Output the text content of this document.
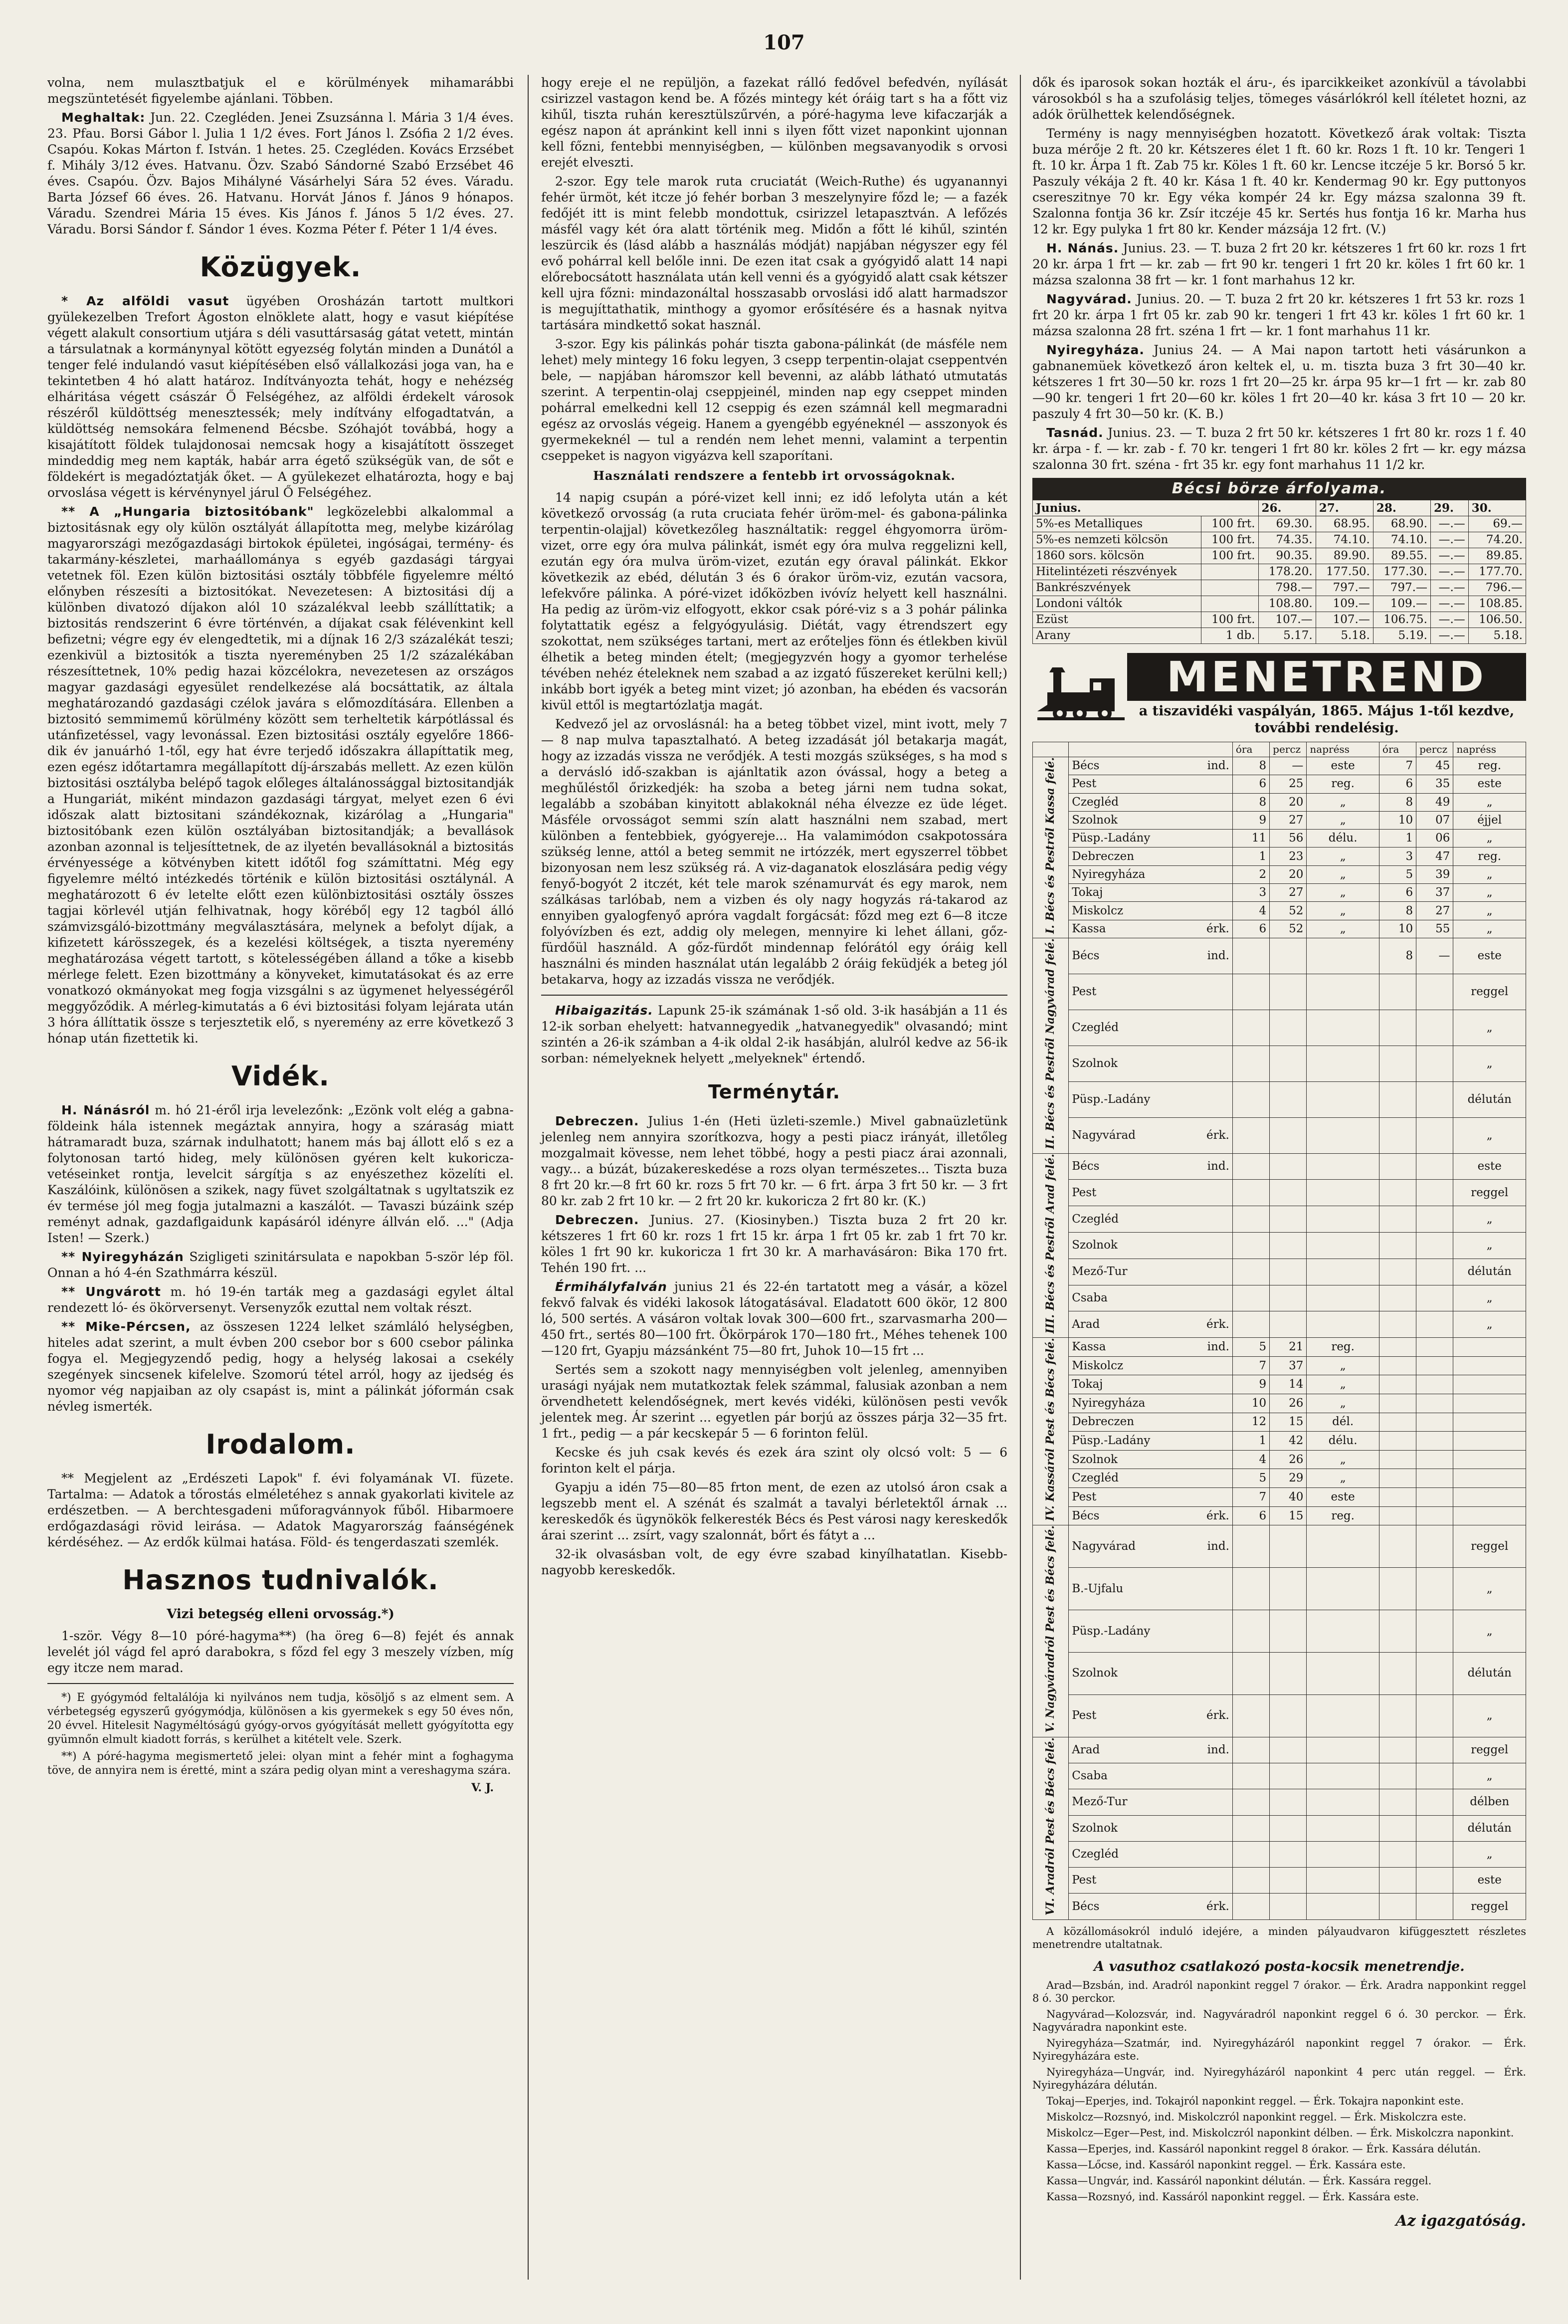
107

volna, nem mulasztbatjuk el e körülmények mihamarábbi megszüntetését figyelembe ajánlani. Többen.

Meghaltak: Jun. 22. Czegléden. Jenei Zsuzsánna l. Mária 3 1/4 éves. 23. Pfau. Borsi Gábor l. Julia 1 1/2 éves. Fort János l. Zsófia 2 1/2 éves. Csapóu. Kokas Márton f. István. 1 hetes. 25. Czegléden. Kovács Erzsébet f. Mihály 3/12 éves. Hatvanu. Özv. Szabó Sándorné Szabó Erzsébet 46 éves. Csapóu. Özv. Bajos Mihályné Vásárhelyi Sára 52 éves. Váradu. Barta József 66 éves. 26. Hatvanu. Horvát János f. János 9 hónapos. Váradu. Szendrei Mária 15 éves. Kis János f. János 5 1/2 éves. 27. Váradu. Borsi Sándor f. Sándor 1 éves. Kozma Péter f. Péter 1 1/4 éves.

Közügyek.

* Az alföldi vasut ügyében Orosházán tartott multkori gyülekezelben Trefort Ágoston elnöklete alatt, hogy e vasut kiépítése végett alakult consortium utjára s déli vasuttársaság gátat vetett, mintán a társulatnak a kormánynyal kötött egyezség folytán minden a Dunától a tenger felé indulandó vasut kiépítésében első vállalkozási joga van, ha e tekintetben 4 hó alatt határoz. Indítványozta tehát, hogy e nehézség elháritása végett császár Ő Felségéhez, az alföldi érdekelt városok részéről küldöttség menesztessék; mely indítvány elfogadtatván, a küldöttség nemsokára felmenend Bécsbe. Szóhajót továbbá, hogy a kisajátított földek tulajdonosai nemcsak hogy a kisajátított összeget mindeddig meg nem kapták, habár arra égető szükségük van, de sőt e földekért is megadóztatják őket. — A gyülekezet elhatározta, hogy e baj orvoslása végett is kérvénynyel járul Ő Felségéhez.

** A „Hungaria biztositóbank" legközelebbi alkalommal a biztositásnak egy oly külön osztályát állapította meg, melybe kizárólag magyarországi mezőgazdasági birtokok épületei, ingóságai, termény- és takarmány-készletei, marhaállománya s egyéb gazdasági tárgyai vetetnek föl. Ezen külön biztositási osztály többféle figyelemre méltó előnyben részesíti a biztositókat. Nevezetesen: A biztositási díj a különben divatozó díjakon alól 10 százalékval leebb szállíttatik; a biztositás rendszerint 6 évre történvén, a díjakat csak félévenkint kell befizetni; végre egy év elengedtetik, mi a díjnak 16 2/3 százalékát teszi; ezenkivül a biztositók a tiszta nyereményben 25 1/2 százalékában részesíttetnek, 10% pedig hazai közcélokra, nevezetesen az országos magyar gazdasági egyesület rendelkezése alá bocsáttatik, az általa meghatározandó gazdasági czélok javára s előmozdítására. Ellenben a biztositó semmimemű körülmény között sem terheltetik kárpótlással és utánfizetéssel, vagy levonással. Ezen biztositási osztály egyelőre 1866-dik év januárhó 1-től, egy hat évre terjedő időszakra állapíttatik meg, ezen egész időtartamra megállapított díj-árszabás mellett. Az ezen külön biztositási osztályba belépő tagok előleges általánossággal biztositandják a Hungariát, miként mindazon gazdasági tárgyat, melyet ezen 6 évi időszak alatt biztositani szándékoznak, kizárólag a „Hungaria" biztositóbank ezen külön osztályában biztositandják; a bevallások azonban azonnal is teljesíttetnek, de az ilyetén bevallásoknál a biztositás érvényessége a kötvényben kitett időtől fog számíttatni. Még egy figyelemre méltó intézkedés történik e külön biztositási osztálynál. A meghatározott 6 év letelte előtt ezen különbiztositási osztály összes tagjai körlevél utján felhivatnak, hogy körébő| egy 12 tagból álló számvizsgáló-bizottmány megválasztására, melynek a befolyt díjak, a kifizetett kárösszegek, és a kezelési költségek, a tiszta nyeremény meghatározása végett tartott, s kötelességében álland a tőke a kisebb mérlege felett. Ezen bizottmány a könyveket, kimutatásokat és az erre vonatkozó okmányokat meg fogja vizsgálni s az ügymenet helyességéről meggyőződik. A mérleg-kimutatás a 6 évi biztositási folyam lejárata után 3 hóra állíttatik össze s terjesztetik elő, s nyeremény az erre következő 3 hónap után fizettetik ki.

Vidék.

H. Nánásról m. hó 21-éről irja levelezőnk: „Ezönk volt elég a gabna-földeink hála istennek megáztak annyira, hogy a száraság miatt hátramaradt buza, szárnak indulhatott; hanem más baj állott elő s ez a folytonosan tartó hideg, mely különösen gyéren kelt kukoricza-vetéseinket rontja, levelcit sárgítja s az enyészethez közelíti el. Kaszálóink, különösen a szikek, nagy füvet szolgáltatnak s ugyltatszik ez év termése jól meg fogja jutalmazni a kaszálót. — Tavaszi búzáink szép reményt adnak, gazdaflgaidunk kapásáról idényre állván elő. ..." (Adja Isten! — Szerk.)

** Nyiregyházán Szigligeti szinitársulata e napokban 5-ször lép föl. Onnan a hó 4-én Szathmárra készül.

** Ungvárott m. hó 19-én tarták meg a gazdasági egylet által rendezett ló- és ökörversenyt. Versenyzők ezuttal nem voltak részt.

** Mike-Pércsen, az összesen 1224 lelket számláló helységben, hiteles adat szerint, a mult évben 200 csebor bor s 600 csebor pálinka fogya el. Megjegyzendő pedig, hogy a helység lakosai a csekély szegények sincsenek kifelelve. Szomorú tétel arról, hogy az ijedség és nyomor vég napjaiban az oly csapást is, mint a pálinkát jóformán csak névleg ismerték.

Irodalom.

** Megjelent az „Erdészeti Lapok" f. évi folyamának VI. füzete. Tartalma: — Adatok a tőrostás elméletéhez s annak gyakorlati kivitele az erdészetben. — A berchtesgadeni műforagvánnyok fűből. Hibarmoere erdőgazdasági rövid leirása. — Adatok Magyarország faánségének kérdéséhez. — Az erdők külmai hatása. Föld- és tengerdaszati szemlék.

Hasznos tudnivalók.
Vizi betegség elleni orvosság.*)

1-ször. Végy 8—10 póré-hagyma**) (ha öreg 6—8) fejét és annak levelét jól vágd fel apró darabokra, s főzd fel egy 3 meszely vízben, míg egy itcze nem marad.

*) E gyógymód feltalálója ki nyilvános nem tudja, kösöljő s az elment sem. A vérbetegség egyszerű gyógymódja, különösen a kis gyermekek s egy 50 éves nőn, 20 évvel. Hitelesit Nagyméltóságú gyógy-orvos gyógyítását mellett gyógyította egy gyümnőn elmult kiadott forrás, s kerülhet a kitételt vele. Szerk.

**) A póré-hagyma megismertető jelei: olyan mint a fehér mint a foghagyma töve, de annyira nem is éretté, mint a szára pedig olyan mint a vereshagyma szára.

V. J.

hogy ereje el ne repüljön, a fazekat rálló fedővel befedvén, nyílását csirizzel vastagon kend be. A főzés mintegy két óráig tart s ha a főtt viz kihűl, tiszta ruhán keresztülszűrvén, a póré-hagyma leve kifaczarják a egész napon át apránkint kell inni s ilyen főtt vizet naponkint ujonnan kell főzni, fentebbi mennyiségben, — különben megsavanyodik s orvosi erejét elveszti.

2-szor. Egy tele marok ruta cruciatát (Weich-Ruthe) és ugyanannyi fehér ürmöt, két itcze jó fehér borban 3 meszelynyire főzd le; — a fazék fedőjét itt is mint felebb mondottuk, csirizzel letapasztván. A lefőzés másfél vagy két óra alatt történik meg. Midőn a főtt lé kihűl, szintén leszürcik és (lásd alább a használás módját) napjában négyszer egy fél evő pohárral kell belőle inni. De ezen itat csak a gyógyidő alatt 14 napi előrebocsátott használata után kell venni és a gyógyidő alatt csak kétszer kell ujra főzni: mindazonáltal hosszasabb orvoslási idő alatt harmadszor is megujíttathatik, minthogy a gyomor erősítésére és a hasnak nyitva tartására mindkettő sokat használ.

3-szor. Egy kis pálinkás pohár tiszta gabona-pálinkát (de másféle nem lehet) mely mintegy 16 foku legyen, 3 csepp terpentin-olajat cseppentvén bele, — napjában háromszor kell bevenni, az alább látható utmutatás szerint. A terpentin-olaj cseppjeinél, minden nap egy cseppet minden pohárral emelkedni kell 12 cseppig és ezen számnál kell megmaradni egész az orvoslás végeig. Hanem a gyengébb egyéneknél — asszonyok és gyermekeknél — tul a rendén nem lehet menni, valamint a terpentin cseppeket is nagyon vigyázva kell szaporítani.

Használati rendszere a fentebb irt orvosságoknak.

14 napig csupán a póré-vizet kell inni; ez idő lefolyta után a két következő orvosság (a ruta cruciata fehér üröm-mel- és gabona-pálinka terpentin-olajjal) következőleg használtatik: reggel éhgyomorra üröm-vizet, orre egy óra mulva pálinkát, ismét egy óra mulva reggelizni kell, ezután egy óra mulva üröm-vizet, ezután egy óraval pálinkát. Ekkor következik az ebéd, délután 3 és 6 órakor üröm-viz, ezután vacsora, lefekvőre pálinka. A póré-vizet időközben ivóvíz helyett kell használni. Ha pedig az üröm-viz elfogyott, ekkor csak póré-viz s a 3 pohár pálinka folytattatik egész a felgyógyulásig. Diétát, vagy étrendszert egy szokottat, nem szükséges tartani, mert az erőteljes fönn és étlekben kivül élhetik a beteg minden ételt; (megjegyzvén hogy a gyomor terhelése tévében nehéz ételeknek nem szabad a az izgató fűszereket kerülni kell;) inkább bort igyék a beteg mint vizet; jó azonban, ha ebéden és vacsorán kivül ettől is megtartózlatja magát.

Kedvező jel az orvoslásnál: ha a beteg többet vizel, mint ivott, mely 7 — 8 nap mulva tapasztalható. A beteg izzadását jól betakarja magát, hogy az izzadás vissza ne verődjék. A testi mozgás szükséges, s ha mod s a dervásló idő-szakban is ajánltatik azon óvással, hogy a beteg a meghűléstől őrizkedjék: ha szoba a beteg járni nem tudna sokat, legalább a szobában kinyitott ablakoknál néha élvezze ez üde léget. Másféle orvosságot semmi szín alatt használni nem szabad, mert különben a fentebbiek, gyógyereje... Ha valamimódon csakpotossára szükség lenne, attól a beteg semmit ne irtózzék, mert egyszerrel többet bizonyosan nem lesz szükség rá. A viz-daganatok eloszlására pedig végy fenyő-bogyót 2 itczét, két tele marok szénamurvát és egy marok, nem szálkásas tarlóbab, nem a vizben és oly nagy hogyzás rá-takarod az ennyiben gyalogfenyő apróra vagdalt forgácsát: főzd meg ezt 6—8 itcze folyóvízben és ezt, addig oly melegen, mennyire ki lehet állani, gőz-fürdőül használd. A gőz-fürdőt mindennap felórától egy óráig kell használni és minden használat után legalább 2 óráig feküdjék a beteg jól betakarva, hogy az izzadás vissza ne verődjék.

Hibaigazitás. Lapunk 25-ik számának 1-ső old. 3-ik hasábján a 11 és 12-ik sorban ehelyett: hatvannegyedik „hatvanegyedik" olvasandó; mint szintén a 26-ik számban a 4-ik oldal 2-ik hasábján, alulról kedve az 56-ik sorban: némelyeknek helyett „melyeknek" értendő.

Terménytár.

Debreczen. Julius 1-én (Heti üzleti-szemle.) Mivel gabnaüzletünk jelenleg nem annyira szorítkozva, hogy a pesti piacz irányát, illetőleg mozgalmait kövesse, nem lehet többé, hogy a pesti piacz árai azonnali, vagy... a búzát, búzakereskedése a rozs olyan természetes... Tiszta buza 8 frt 20 kr.—8 frt 60 kr. rozs 5 frt 70 kr. — 6 frt. árpa 3 frt 50 kr. — 3 frt 80 kr. zab 2 frt 10 kr. — 2 frt 20 kr. kukoricza 2 frt 80 kr. (K.)

Debreczen. Junius. 27. (Kiosinyben.) Tiszta buza 2 frt 20 kr. kétszeres 1 frt 60 kr. rozs 1 frt 15 kr. árpa 1 frt 05 kr. zab 1 frt 70 kr. köles 1 frt 90 kr. kukoricza 1 frt 30 kr. A marhavásáron: Bika 170 frt. Tehén 190 frt. ...

Érmihályfalván junius 21 és 22-én tartatott meg a vásár, a közel fekvő falvak és vidéki lakosok látogatásával. Eladatott 600 ökör, 12 800 ló, 500 sertés. A vásáron voltak lovak 300—600 frt., szarvasmarha 200—450 frt., sertés 80—100 frt. Ökörpárok 170—180 frt., Méhes tehenek 100—120 frt, Gyapju mázsánként 75—80 frt, Juhok 10—15 frt ...

Sertés sem a szokott nagy mennyiségben volt jelenleg, amennyiben urasági nyájak nem mutatkoztak felek számmal, falusiak azonban a nem örvendhetett kelendőségnek, mert kevés vidéki, különösen pesti vevők jelentek meg. Ár szerint ... egyetlen pár borjú az összes párja 32—35 frt. 1 frt., pedig — a pár kecskepár 5 — 6 forinton felül.

Kecske és juh csak kevés és ezek ára szint oly olcsó volt: 5 — 6 forinton kelt el párja.

Gyapju a idén 75—80—85 frton ment, de ezen az utolsó áron csak a legszebb ment el. A szénát és szalmát a tavalyi bérletektől árnak ... kereskedők és ügynökök felkeresték Bécs és Pest városi nagy kereskedők árai szerint ... zsírt, vagy szalonnát, bőrt és fátyt a ...

32-ik olvasásban volt, de egy évre szabad kinyílhatatlan. Kisebb-nagyobb kereskedők.

dők és iparosok sokan hozták el áru-, és iparcikkeiket azonkívül a távolabbi városokból s ha a szufolásig teljes, tömeges vásárlókról kell ítéletet hozni, az adók örülhettek kelendőségnek.

Termény is nagy mennyiségben hozatott. Következő árak voltak: Tiszta buza mérője 2 ft. 20 kr. Kétszeres élet 1 ft. 60 kr. Rozs 1 ft. 10 kr. Tengeri 1 ft. 10 kr. Árpa 1 ft. Zab 75 kr. Köles 1 ft. 60 kr. Lencse itczéje 5 kr. Borsó 5 kr. Paszuly vékája 2 ft. 40 kr. Kása 1 ft. 40 kr. Kendermag 90 kr. Egy puttonyos csereszitnye 70 kr. Egy véka kompér 24 kr. Egy mázsa szalonna 39 ft. Szalonna fontja 36 kr. Zsír itczéje 45 kr. Sertés hus fontja 16 kr. Marha hus 12 kr. Egy pulyka 1 frt 80 kr. Kender mázsája 12 frt. (V.)

H. Nánás. Junius. 23. — T. buza 2 frt 20 kr. kétszeres 1 frt 60 kr. rozs 1 frt 20 kr. árpa 1 frt — kr. zab — frt 90 kr. tengeri 1 frt 20 kr. köles 1 frt 60 kr. 1 mázsa szalonna 38 frt — kr. 1 font marhahus 12 kr.

Nagyvárad. Junius. 20. — T. buza 2 frt 20 kr. kétszeres 1 frt 53 kr. rozs 1 frt 20 kr. árpa 1 frt 05 kr. zab 90 kr. tengeri 1 frt 43 kr. köles 1 frt 60 kr. 1 mázsa szalonna 28 frt. széna 1 frt — kr. 1 font marhahus 11 kr.

Nyiregyháza. Junius 24. — A Mai napon tartott heti vásárunkon a gabnanemüek következő áron keltek el, u. m. tiszta buza 3 frt 30—40 kr. kétszeres 1 frt 30—50 kr. rozs 1 frt 20—25 kr. árpa 95 kr—1 frt — kr. zab 80—90 kr. tengeri 1 frt 20—60 kr. köles 1 frt 20—40 kr. kása 3 frt 10 — 20 kr. paszuly 4 frt 30—50 kr. (K. B.)

Tasnád. Junius. 23. — T. buza 2 frt 50 kr. kétszeres 1 frt 80 kr. rozs 1 f. 40 kr. árpa - f. — kr. zab - f. 70 kr. tengeri 1 frt 80 kr. köles 2 frt — kr. egy mázsa szalonna 30 frt. széna - frt 35 kr. egy font marhahus 11 1/2 kr.

Bécsi börze árfolyama.
Junius.		26.	27.	28.	29.	30.
5%-es Metalliques	100 frt.	69.30.	68.95.	68.90.	—.—	69.—
5%-es nemzeti kölcsön	100 frt.	74.35.	74.10.	74.10.	—.—	74.20.
1860 sors. kölcsön	100 frt.	90.35.	89.90.	89.55.	—.—	89.85.
Hitelintézeti részvények		178.20.	177.50.	177.30.	—.—	177.70.
Bankrészvények		798.—	797.—	797.—	—.—	796.—
Londoni váltók		108.80.	109.—	109.—	—.—	108.85.
Ezüst	100 frt.	107.—	107.—	106.75.	—.—	106.50.
Arany	1 db.	5.17.	5.18.	5.19.	—.—	5.18.
MENETREND
a tiszavidéki vaspályán, 1865. Május 1-től kezdve, további rendelésig.
		óra	percz	napréss	óra	percz	napréss
I. Bécs és Pestről Kassa felé.	Bécs ind.	8	—	este	7	45	reg.
	Pest	6	25	reg.	6	35	este
	Czegléd	8	20	„	8	49	„
	Szolnok	9	27	„	10	07	éjjel
	Püsp.-Ladány	11	56	délu.	1	06	„
	Debreczen	1	23	„	3	47	reg.
	Nyiregyháza	2	20	„	5	39	„
	Tokaj	3	27	„	6	37	„
	Miskolcz	4	52	„	8	27	„
	Kassa érk.	6	52	„	10	55	„
II. Bécs és Pestről Nagyvárad felé.	Bécs ind.				8	—	este
	Pest						reggel
	Czegléd						„
	Szolnok						„
	Püsp.-Ladány						délután
	Nagyvárad érk.						„
III. Bécs és Pestről Arad felé.	Bécs ind.						este
	Pest						reggel
	Czegléd						„
	Szolnok						„
	Mező-Tur						délután
	Csaba						„
	Arad érk.						„
IV. Kassáról Pest és Bécs felé.	Kassa ind.	5	21	reg.			
	Miskolcz	7	37	„			
	Tokaj	9	14	„			
	Nyiregyháza	10	26	„			
	Debreczen	12	15	dél.			
	Püsp.-Ladány	1	42	délu.			
	Szolnok	4	26	„			
	Czegléd	5	29	„			
	Pest	7	40	este			
	Bécs érk.	6	15	reg.			
V. Nagyváradról Pest és Bécs felé.	Nagyvárad ind.						reggel
	B.-Ujfalu						„
	Püsp.-Ladány						„
	Szolnok						délután
	Pest érk.						„
VI. Aradról Pest és Bécs felé.	Arad ind.						reggel
	Csaba						„
	Mező-Tur						délben
	Szolnok						délután
	Czegléd						„
	Pest						este
	Bécs érk.						reggel

A közállomásokról induló idejére, a minden pályaudvaron kifüggesztett részletes menetrendre utaltatnak.

A vasuthoz csatlakozó posta-kocsik menetrendje.

Arad—Bzsbán, ind. Aradról naponkint reggel 7 órakor. — Érk. Aradra napponkint reggel 8 ó. 30 perckor.

Nagyvárad—Kolozsvár, ind. Nagyváradról naponkint reggel 6 ó. 30 perckor. — Érk. Nagyváradra naponkint este.

Nyiregyháza—Szatmár, ind. Nyiregyházáról naponkint reggel 7 órakor. — Érk. Nyiregyházára este.

Nyiregyháza—Ungvár, ind. Nyiregyházáról naponkint 4 perc után reggel. — Érk. Nyiregyházára délután.

Tokaj—Eperjes, ind. Tokajról naponkint reggel. — Érk. Tokajra naponkint este.

Miskolcz—Rozsnyó, ind. Miskolczról naponkint reggel. — Érk. Miskolczra este.

Miskolcz—Eger—Pest, ind. Miskolczról naponkint délben. — Érk. Miskolczra naponkint.

Kassa—Eperjes, ind. Kassáról naponkint reggel 8 órakor. — Érk. Kassára délután.

Kassa—Lőcse, ind. Kassáról naponkint reggel. — Érk. Kassára este.

Kassa—Ungvár, ind. Kassáról naponkint délután. — Érk. Kassára reggel.

Kassa—Rozsnyó, ind. Kassáról naponkint reggel. — Érk. Kassára este.

Az igazgatóság.
